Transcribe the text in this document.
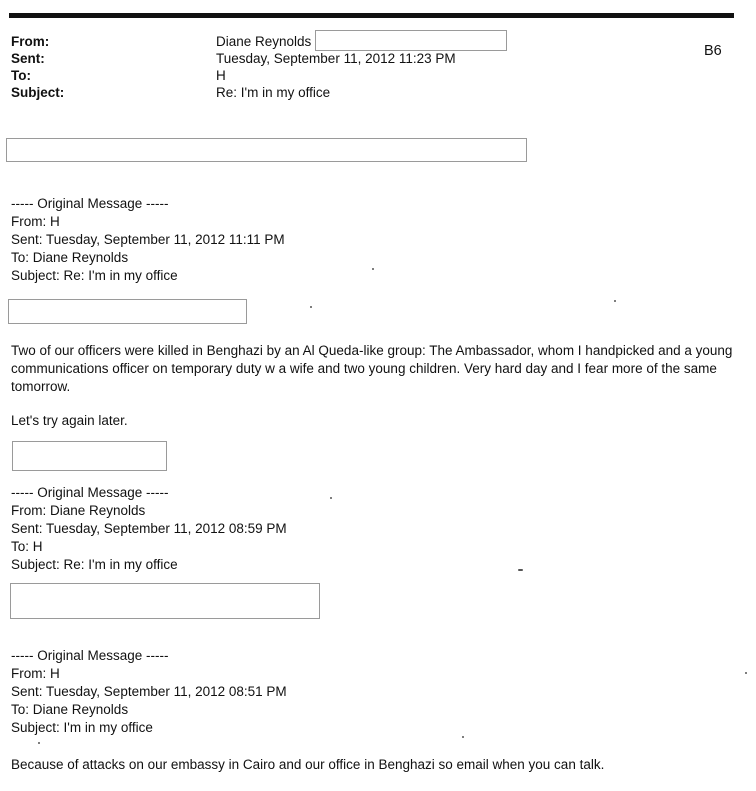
From:	Diane Reynolds
Sent:	Tuesday, September 11, 2012 11:23 PM
To:	H
Subject:	Re: I'm in my office
B6
----- Original Message -----
From: H
Sent: Tuesday, September 11, 2012 11:11 PM
To: Diane Reynolds
Subject: Re: I'm in my office
Two of our officers were killed in Benghazi by an Al Queda-like group: The Ambassador, whom I handpicked and a young communications officer on temporary duty w a wife and two young children. Very hard day and I fear more of the same tomorrow.
Let's try again later.
----- Original Message -----
From: Diane Reynolds
Sent: Tuesday, September 11, 2012 08:59 PM
To: H
Subject: Re: I'm in my office
----- Original Message -----
From: H
Sent: Tuesday, September 11, 2012 08:51 PM
To: Diane Reynolds
Subject: I'm in my office
Because of attacks on our embassy in Cairo and our office in Benghazi so email when you can talk.
